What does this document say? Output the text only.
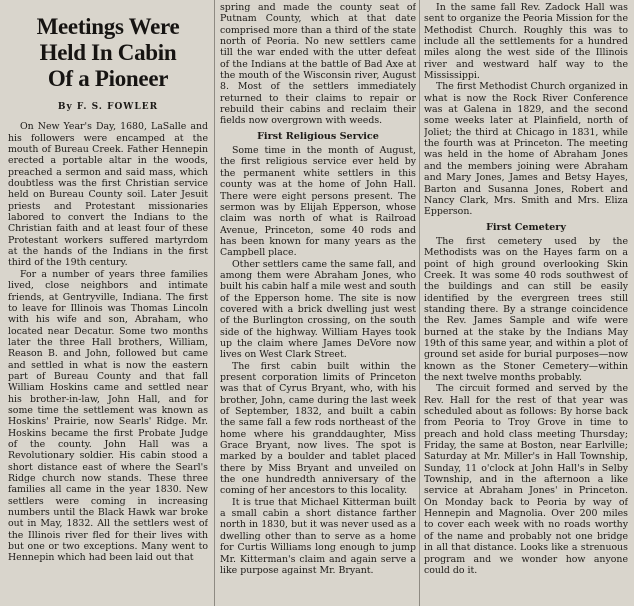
Meetings Were
Held In Cabin
Of a Pioneer
By F. S. FOWLER

On New Year's Day, 1680, LaSalle and his followers were encamped at the mouth of Bureau Creek. Father Hennepin erected a portable altar in the woods, preached a sermon and said mass, which doubtless was the first Christian service held on Bureau County soil. Later Jesuit priests and Protestant missionaries labored to convert the Indians to the Christian faith and at least four of these Protestant workers suffered martyrdom at the hands of the Indians in the first third of the 19th century.

For a number of years three families lived, close neighbors and intimate friends, at Gentryville, Indiana. The first to leave for Illinois was Thomas Lincoln with his wife and son, Abraham, who located near Decatur. Some two months later the three Hall brothers, William, Reason B. and John, followed but came and settled in what is now the eastern part of Bureau County and that fall William Hoskins came and settled near his brother-in-law, John Hall, and for some time the settlement was known as Hoskins' Prairie, now Searls' Ridge. Mr. Hoskins became the first Probate Judge of the county. John Hall was a Revolutionary soldier. His cabin stood a short distance east of where the Searl's Ridge church now stands. These three families all came in the year 1830. New settlers were coming in increasing numbers until the Black Hawk war broke out in May, 1832. All the settlers west of the Illinois river fled for their lives with but one or two exceptions. Many went to Hennepin which had been laid out that

spring and made the county seat of Putnam County, which at that date comprised more than a third of the state north of Peoria. No new settlers came till the war ended with the utter defeat of the Indians at the battle of Bad Axe at the mouth of the Wisconsin river, August 8. Most of the settlers immediately returned to their claims to repair or rebuild their cabins and reclaim their fields now overgrown with weeds.

First Religious Service

Some time in the month of August, the first religious service ever held by the permanent white settlers in this county was at the home of John Hall. There were eight persons present. The sermon was by Elijah Epperson, whose claim was north of what is Railroad Avenue, Princeton, some 40 rods and has been known for many years as the Campbell place.

Other settlers came the same fall, and among them were Abraham Jones, who built his cabin half a mile west and south of the Epperson home. The site is now covered with a brick dwelling just west of the Burlington crossing, on the south side of the highway. William Hayes took up the claim where James DeVore now lives on West Clark Street.

The first cabin built within the present corporation limits of Princeton was that of Cyrus Bryant, who, with his brother, John, came during the last week of September, 1832, and built a cabin the same fall a few rods northeast of the home where his granddaughter, Miss Grace Bryant, now lives. The spot is marked by a boulder and tablet placed there by Miss Bryant and unveiled on the one hundredth anniversary of the coming of her ancestors to this locality.

It is true that Michael Kitterman built a small cabin a short distance farther north in 1830, but it was never used as a dwelling other than to serve as a home for Curtis Williams long enough to jump Mr. Kitterman's claim and again serve a like purpose against Mr. Bryant.

In the same fall Rev. Zadock Hall was sent to organize the Peoria Mission for the Methodist Church. Roughly this was to include all the settlements for a hundred miles along the west side of the Illinois river and westward half way to the Mississippi.

The first Methodist Church organized in what is now the Rock River Conference was at Galena in 1829, and the second some weeks later at Plainfield, north of Joliet; the third at Chicago in 1831, while the fourth was at Princeton. The meeting was held in the home of Abraham Jones and the members joining were Abraham and Mary Jones, James and Betsy Hayes, Barton and Susanna Jones, Robert and Nancy Clark, Mrs. Smith and Mrs. Eliza Epperson.

First Cemetery

The first cemetery used by the Methodists was on the Hayes farm on a point of high ground overlooking Skin Creek. It was some 40 rods southwest of the buildings and can still be easily identified by the evergreen trees still standing there. By a strange coincidence the Rev. James Sample and wife were burned at the stake by the Indians May 19th of this same year, and within a plot of ground set aside for burial purposes—now known as the Stoner Cemetery—within the next twelve months probably.

The circuit formed and served by the Rev. Hall for the rest of that year was scheduled about as follows: By horse back from Peoria to Troy Grove in time to preach and hold class meeting Thursday; Friday, the same at Boston, near Earlville; Saturday at Mr. Miller's in Hall Township, Sunday, 11 o'clock at John Hall's in Selby Township, and in the afternoon a like service at Abraham Jones' in Princeton. On Monday back to Peoria by way of Hennepin and Magnolia. Over 200 miles to cover each week with no roads worthy of the name and probably not one bridge in all that distance. Looks like a strenuous program and we wonder how anyone could do it.
